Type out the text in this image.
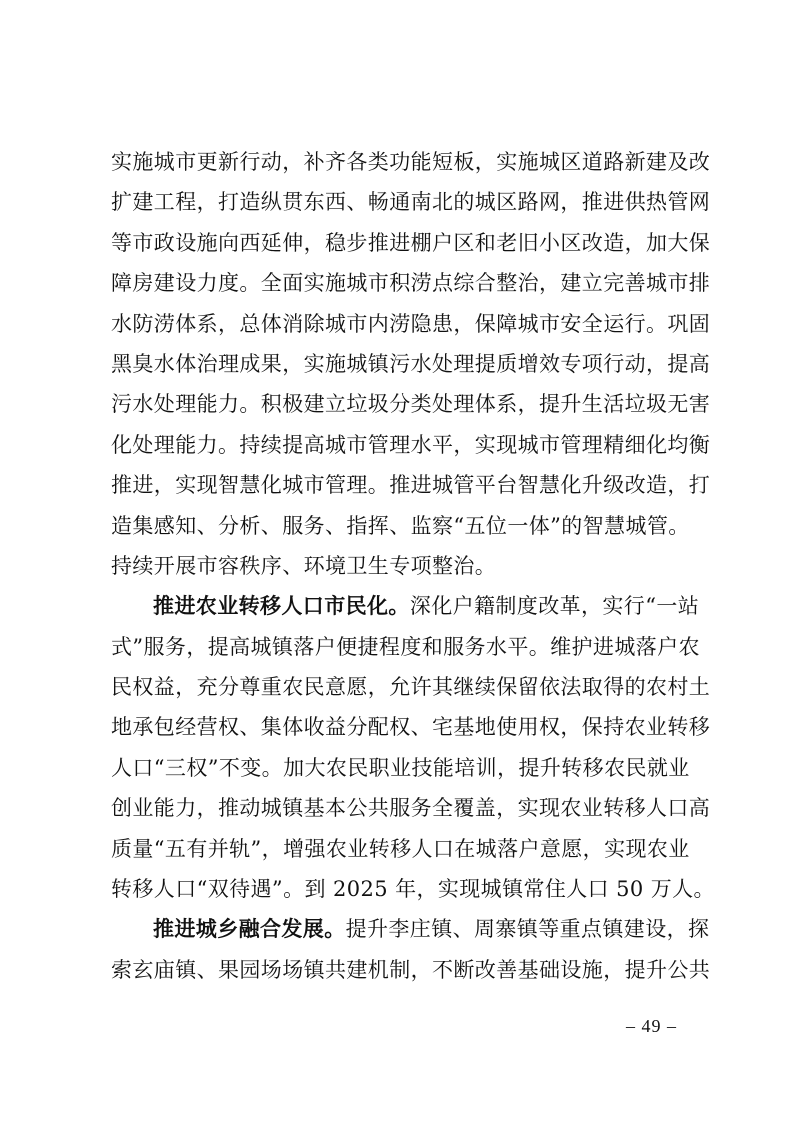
实施城市更新行动，补齐各类功能短板，实施城区道路新建及改
扩建工程，打造纵贯东西、畅通南北的城区路网，推进供热管网
等市政设施向西延伸，稳步推进棚户区和老旧小区改造，加大保
障房建设力度。全面实施城市积涝点综合整治，建立完善城市排
水防涝体系，总体消除城市内涝隐患，保障城市安全运行。巩固
黑臭水体治理成果，实施城镇污水处理提质增效专项行动，提高
污水处理能力。积极建立垃圾分类处理体系，提升生活垃圾无害
化处理能力。持续提高城市管理水平，实现城市管理精细化均衡
推进，实现智慧化城市管理。推进城管平台智慧化升级改造，打
造集感知、分析、服务、指挥、监察“五位一体”的智慧城管。
持续开展市容秩序、环境卫生专项整治。
推进农业转移人口市民化。深化户籍制度改革，实行“一站
式”服务，提高城镇落户便捷程度和服务水平。维护进城落户农
民权益，充分尊重农民意愿，允许其继续保留依法取得的农村土
地承包经营权、集体收益分配权、宅基地使用权，保持农业转移
人口“三权”不变。加大农民职业技能培训，提升转移农民就业
创业能力，推动城镇基本公共服务全覆盖，实现农业转移人口高
质量“五有并轨”，增强农业转移人口在城落户意愿，实现农业
转移人口“双待遇”。到 2025 年，实现城镇常住人口 50 万人。
推进城乡融合发展。提升李庄镇、周寨镇等重点镇建设，探
索玄庙镇、果园场场镇共建机制，不断改善基础设施，提升公共
– 49 –
